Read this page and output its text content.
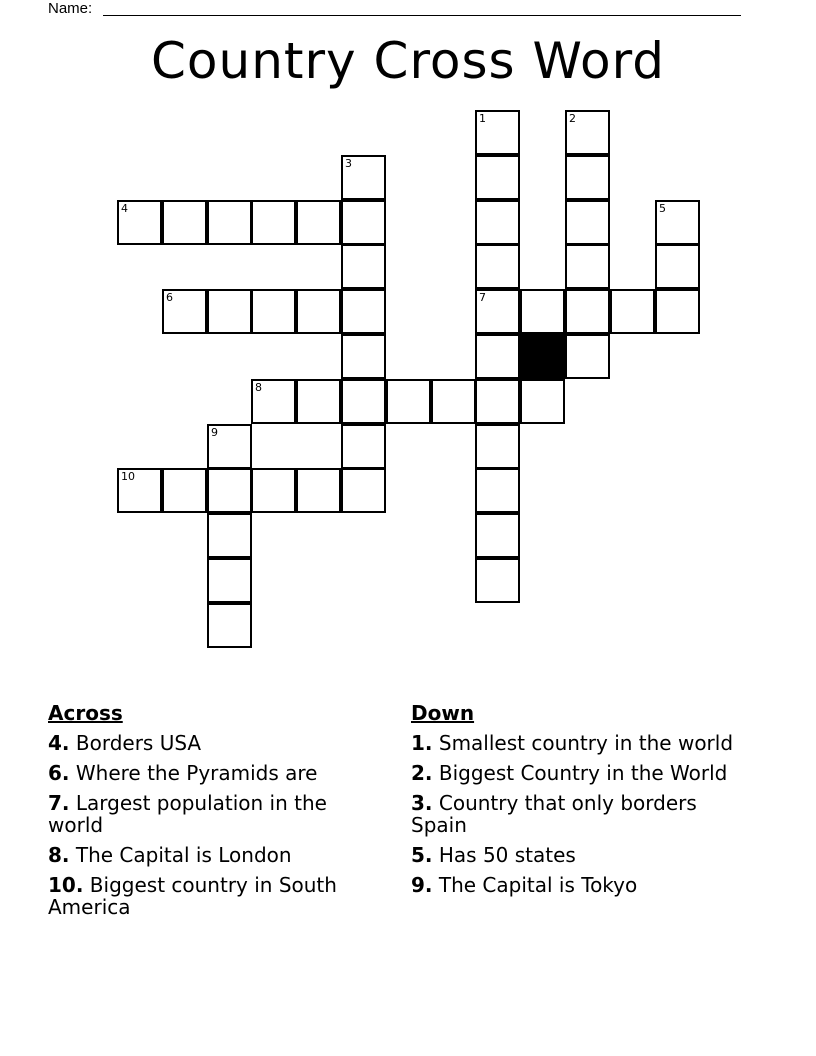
Name:
Country Cross Word
1	2
3
4	5
6	7
8
9
10
Across
4. Borders USA
6. Where the Pyramids are
7. Largest population in the world
8. The Capital is London
10. Biggest country in South America
Down
1. Smallest country in the world
2. Biggest Country in the World
3. Country that only borders Spain
5. Has 50 states
9. The Capital is Tokyo
